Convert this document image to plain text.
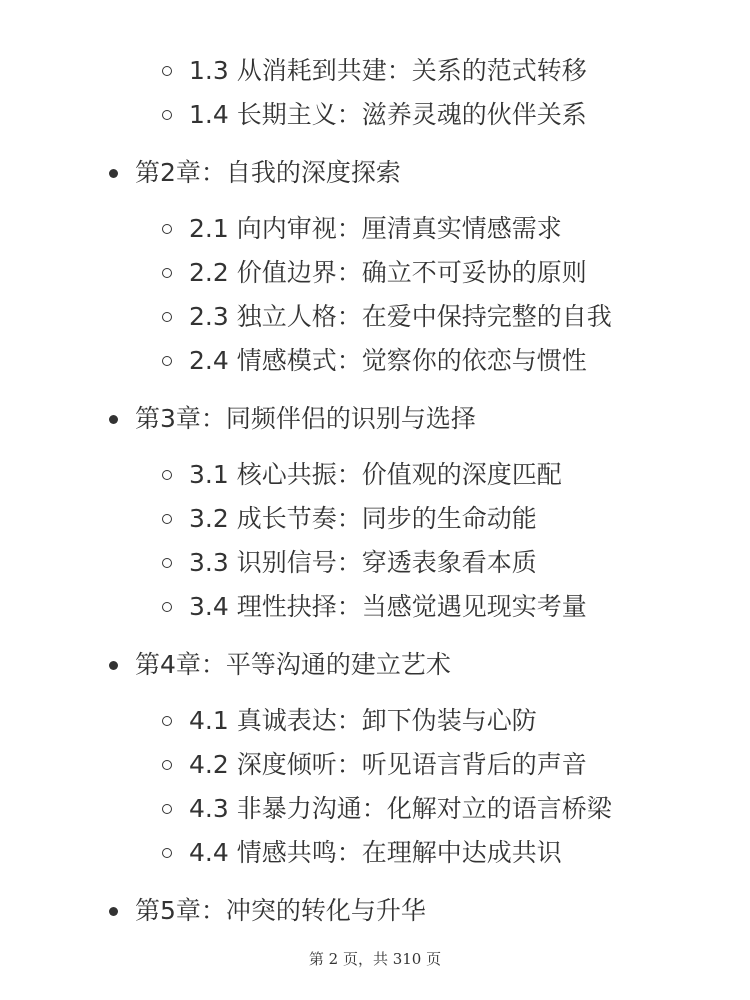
1.3 从消耗到共建：关系的范式转移
1.4 长期主义：滋养灵魂的伙伴关系
第2章：自我的深度探索
2.1 向内审视：厘清真实情感需求
2.2 价值边界：确立不可妥协的原则
2.3 独立人格：在爱中保持完整的自我
2.4 情感模式：觉察你的依恋与惯性
第3章：同频伴侣的识别与选择
3.1 核心共振：价值观的深度匹配
3.2 成长节奏：同步的生命动能
3.3 识别信号：穿透表象看本质
3.4 理性抉择：当感觉遇见现实考量
第4章：平等沟通的建立艺术
4.1 真诚表达：卸下伪装与心防
4.2 深度倾听：听见语言背后的声音
4.3 非暴力沟通：化解对立的语言桥梁
4.4 情感共鸣：在理解中达成共识
第5章：冲突的转化与升华
第 2 页，共 310 页
